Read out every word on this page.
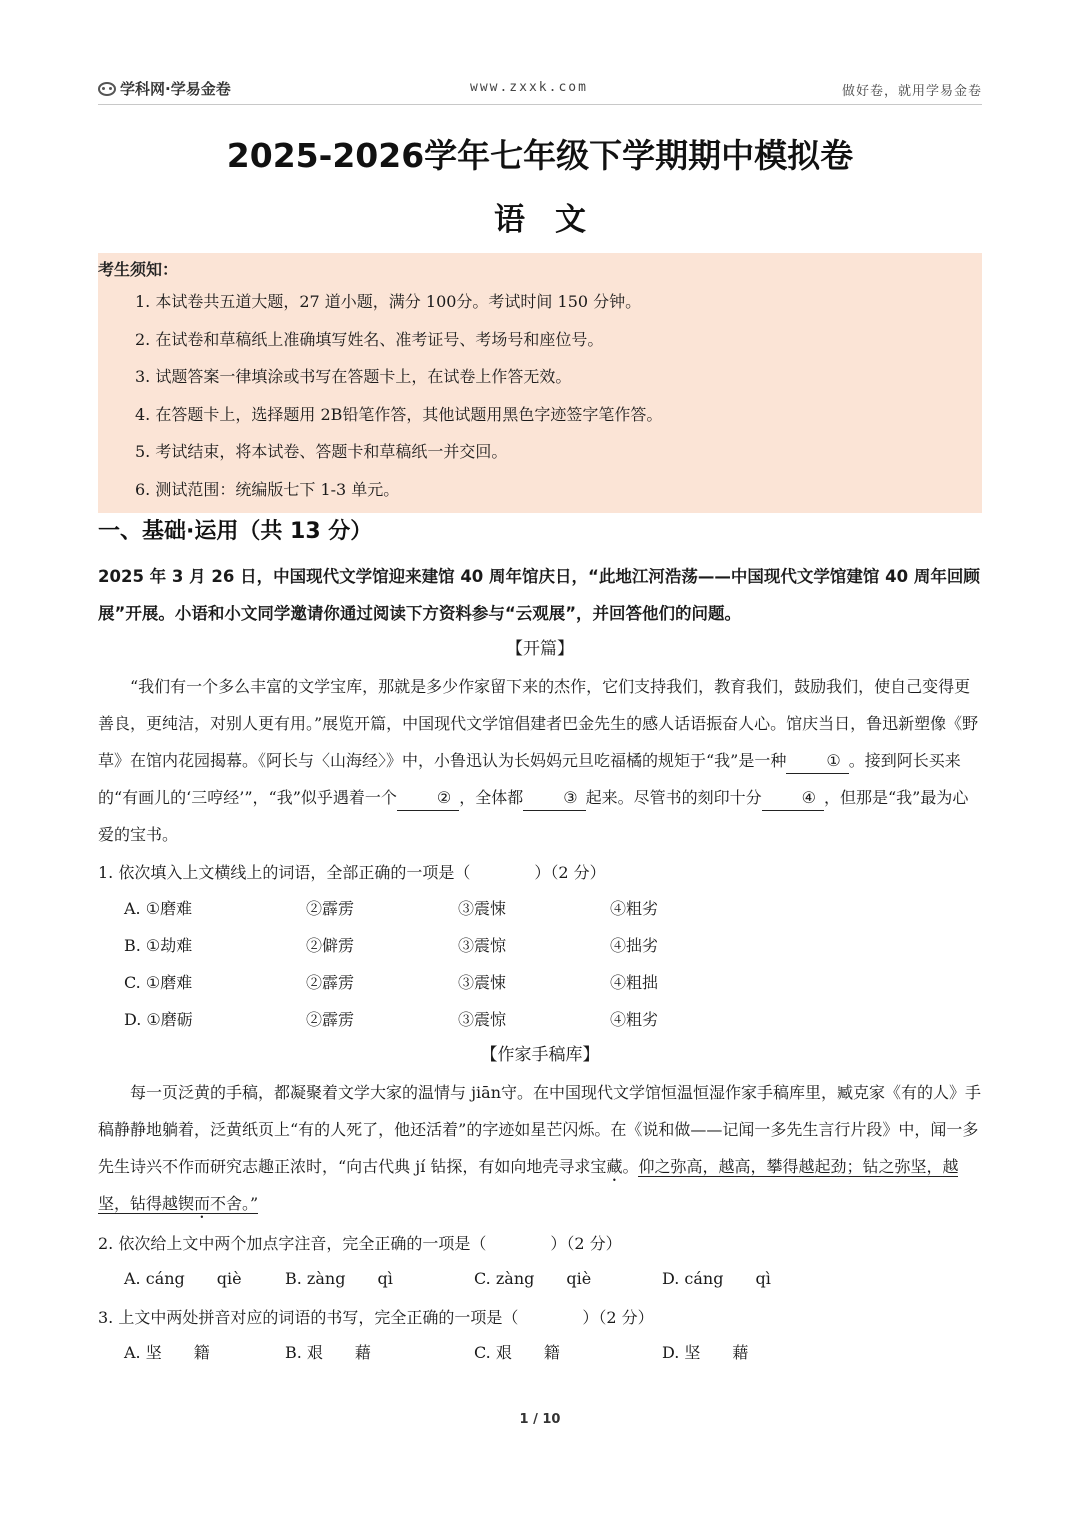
学科网·学易金卷	www.zxxk.com	做好卷，就用学易金卷
2025-2026学年七年级下学期期中模拟卷
语文
考生须知：
1. 本试卷共五道大题，27 道小题，满分 100分。考试时间 150 分钟。
2. 在试卷和草稿纸上准确填写姓名、准考证号、考场号和座位号。
3. 试题答案一律填涂或书写在答题卡上，在试卷上作答无效。
4. 在答题卡上，选择题用 2B铅笔作答，其他试题用黑色字迹签字笔作答。
5. 考试结束，将本试卷、答题卡和草稿纸一并交回。
6. 测试范围：统编版七下 1-3 单元。
一、基础·运用（共 13 分）
2025 年 3 月 26 日，中国现代文学馆迎来建馆 40 周年馆庆日，“此地江河浩荡——中国现代文学馆建馆 40 周年回顾展”开展。小语和小文同学邀请你通过阅读下方资料参与“云观展”，并回答他们的问题。
【开篇】
“我们有一个多么丰富的文学宝库，那就是多少作家留下来的杰作，它们支持我们，教育我们，鼓励我们，使自己变得更善良，更纯洁，对别人更有用。”展览开篇，中国现代文学馆倡建者巴金先生的感人话语振奋人心。馆庆当日，鲁迅新塑像《野草》在馆内花园揭幕。《阿长与〈山海经〉》中，小鲁迅认为长妈妈元旦吃福橘的规矩于“我”是一种	① 。接到阿长买来的“有画儿的‘三哼经’”，“我”似乎遇着一个	② ，全体都	③ 起来。尽管书的刻印十分	④ ，但那是“我”最为心爱的宝书。
1. 依次填入上文横线上的词语，全部正确的一项是（　　　　）（2 分）
A. ①磨难	②霹雳	③震悚	④粗劣
B. ①劫难	②僻雳	③震惊	④拙劣
C. ①磨难	②霹雳	③震悚	④粗拙
D. ①磨砺	②霹雳	③震惊	④粗劣
【作家手稿库】
每一页泛黄的手稿，都凝聚着文学大家的温情与 jiān守。在中国现代文学馆恒温恒湿作家手稿库里，臧克家《有的人》手稿静静地躺着，泛黄纸页上“有的人死了，他还活着”的字迹如星芒闪烁。在《说和做——记闻一多先生言行片段》中，闻一多先生诗兴不作而研究志趣正浓时，“向古代典 jí 钻探，有如向地壳寻求宝藏。仰之弥高，越高，攀得越起劲；钻之弥坚，越坚，钻得越锲而不舍。”
2. 依次给上文中两个加点字注音，完全正确的一项是（　　　　）（2 分）
A. cáng　　qiè	B. zàng　　qì	C. zàng　　qiè	D. cáng　　qì
3. 上文中两处拼音对应的词语的书写，完全正确的一项是（　　　　）（2 分）
A. 坚　　籍	B. 艰　　藉	C. 艰　　籍	D. 坚　　藉
1 / 10
